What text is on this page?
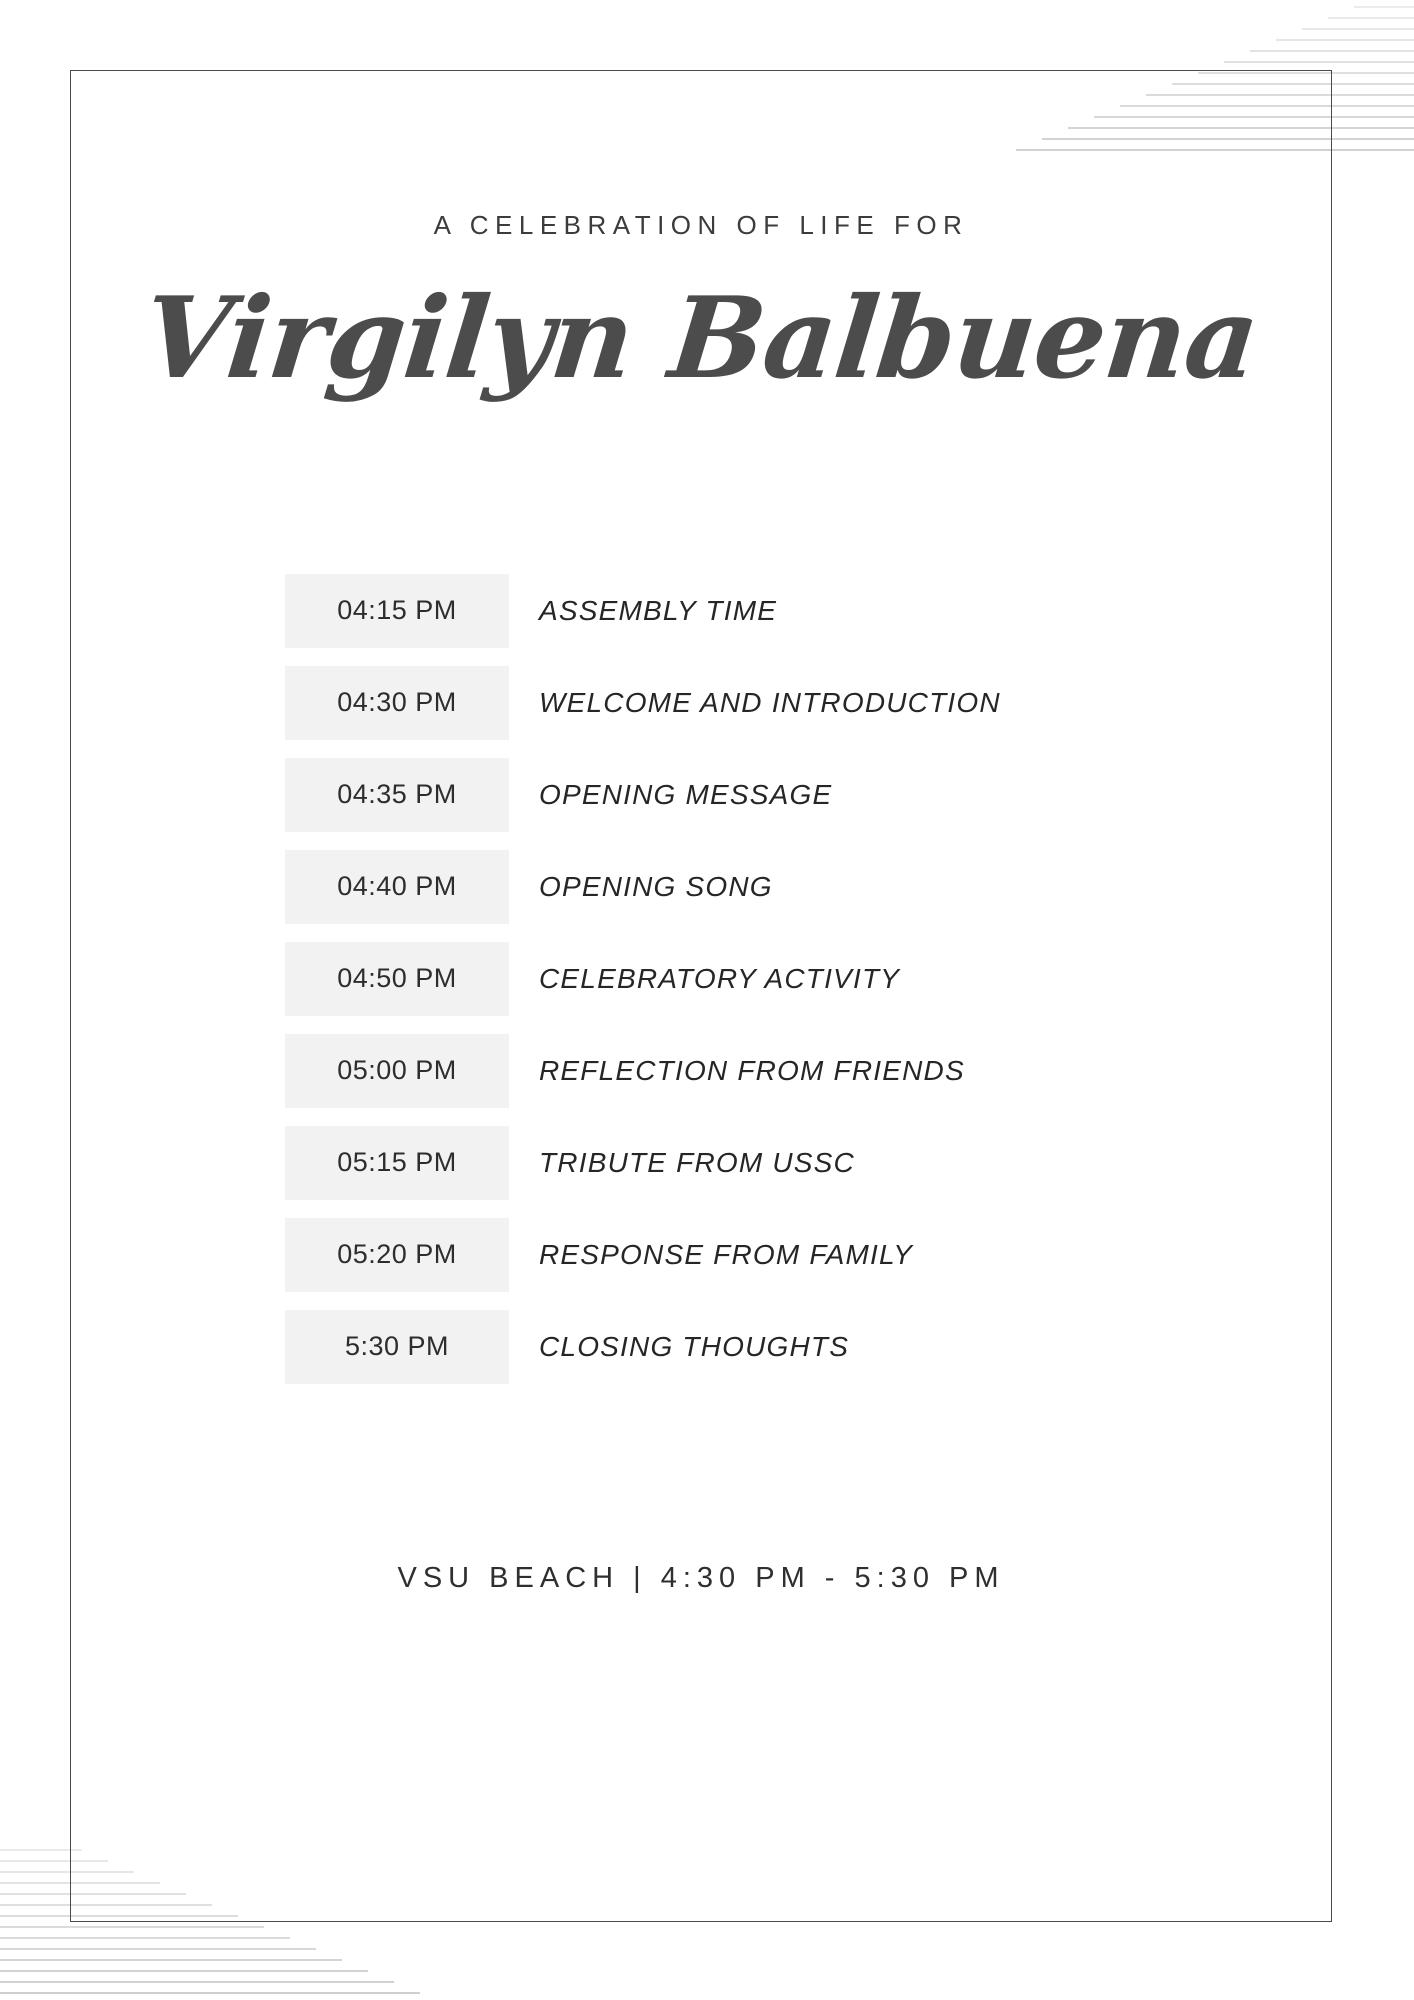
A CELEBRATION OF LIFE FOR
Virgilyn Balbuena
04:15 PM	ASSEMBLY TIME
04:30 PM	WELCOME AND INTRODUCTION
04:35 PM	OPENING MESSAGE
04:40 PM	OPENING SONG
04:50 PM	CELEBRATORY ACTIVITY
05:00 PM	REFLECTION FROM FRIENDS
05:15 PM	TRIBUTE FROM USSC
05:20 PM	RESPONSE FROM FAMILY
5:30 PM	CLOSING THOUGHTS
VSU BEACH | 4:30 PM - 5:30 PM
